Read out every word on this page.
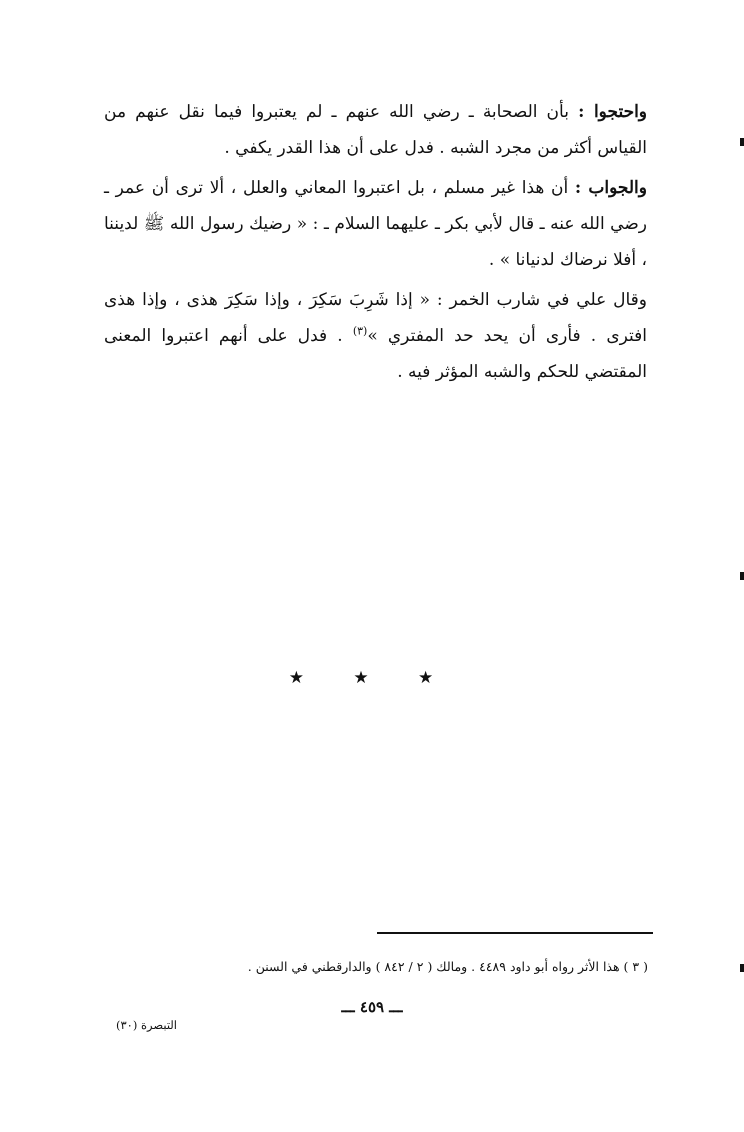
واحتجوا : بأن الصحابة ـ رضي الله عنهم ـ لم يعتبروا فيما نقل عنهم من القياس أكثر من مجرد الشبه . فدل على أن هذا القدر يكفي .
والجواب : أن هذا غير مسلم ، بل اعتبروا المعاني والعلل ، ألا ترى أن عمر ـ رضي الله عنه ـ قال لأبي بكر ـ عليهما السلام ـ : « رضيك رسول الله ﷺ لديننا ، أفلا نرضاك لدنيانا » .
وقال علي في شارب الخمر : « إذا شَرِبَ سَكِرَ ، وإذا سَكِرَ هذى ، وإذا هذى افترى . فأرى أن يحد حد المفتري »$^{(٣)}$ . فدل على أنهم اعتبروا المعنى المقتضي للحكم والشبه المؤثر فيه .
★ ★ ★
( ٣ ) هذا الأثر رواه أبو داود ٤٤٨٩ . ومالك ( ٢ / ٨٤٢ ) والدارقطني في السنن .
ـــ ٤٥٩ ـــ
التبصرة (٣٠)
